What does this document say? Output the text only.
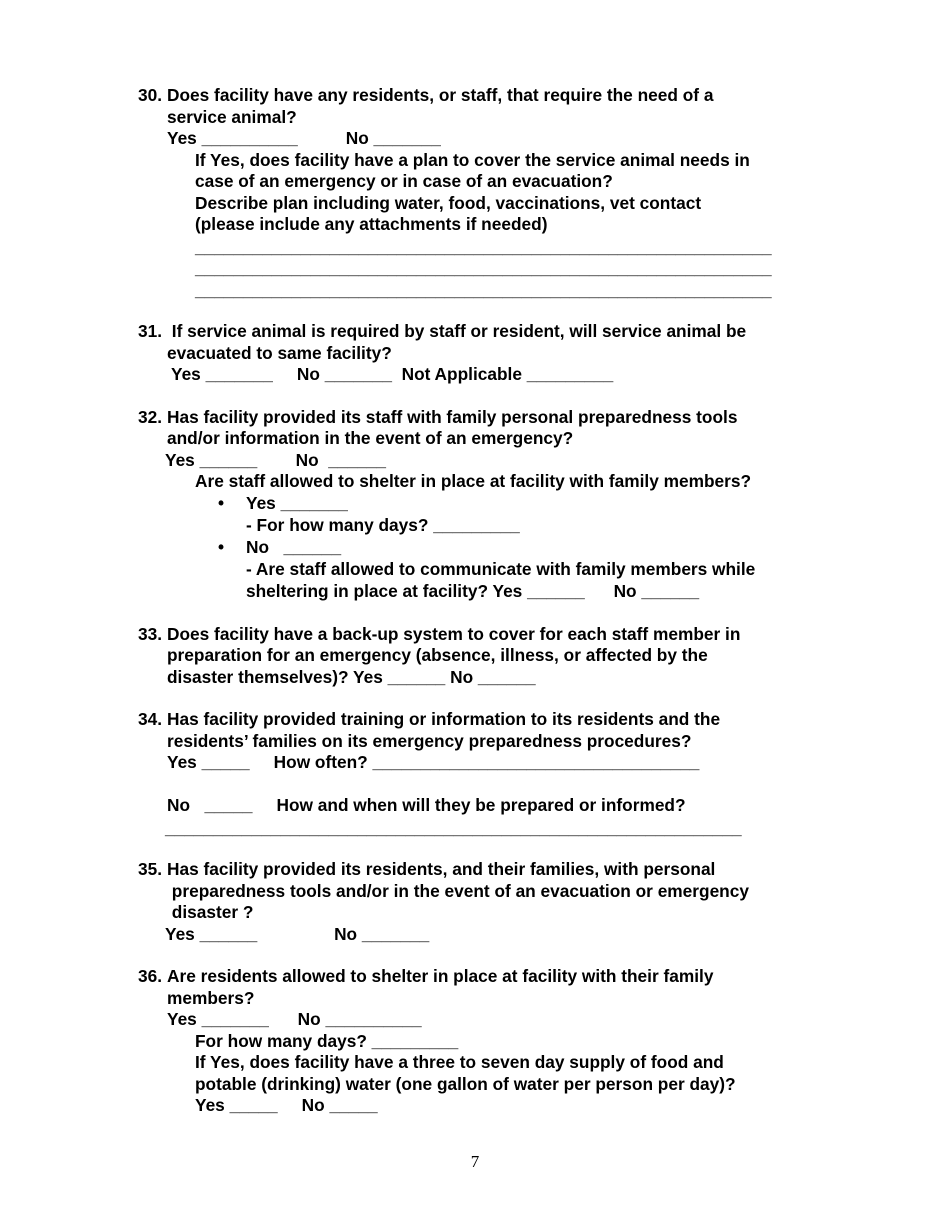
30. Does facility have any residents, or staff, that require the need of a
service animal?
Yes __________          No _______
If Yes, does facility have a plan to cover the service animal needs in
case of an emergency or in case of an evacuation?
Describe plan including water, food, vaccinations, vet contact
(please include any attachments if needed)
____________________________________________________________
____________________________________________________________
____________________________________________________________
31. If service animal is required by staff or resident, will service animal be
evacuated to same facility?
Yes _______     No _______  Not Applicable _________
32. Has facility provided its staff with family personal preparedness tools
and/or information in the event of an emergency?
Yes ______        No  ______
Are staff allowed to shelter in place at facility with family members?
• Yes _______
- For how many days? _________
• No   ______
- Are staff allowed to communicate with family members while
sheltering in place at facility? Yes ______      No ______
33. Does facility have a back-up system to cover for each staff member in
preparation for an emergency (absence, illness, or affected by the
disaster themselves)? Yes ______ No ______
34. Has facility provided training or information to its residents and the
residents’ families on its emergency preparedness procedures?
Yes _____     How often? __________________________________
No   _____     How and when will they be prepared or informed?
____________________________________________________________
35. Has facility provided its residents, and their families, with personal
preparedness tools and/or in the event of an evacuation or emergency
disaster ?
Yes ______                No _______
36. Are residents allowed to shelter in place at facility with their family
members?
Yes _______      No __________
For how many days? _________
If Yes, does facility have a three to seven day supply of food and
potable (drinking) water (one gallon of water per person per day)?
Yes _____     No _____
7
